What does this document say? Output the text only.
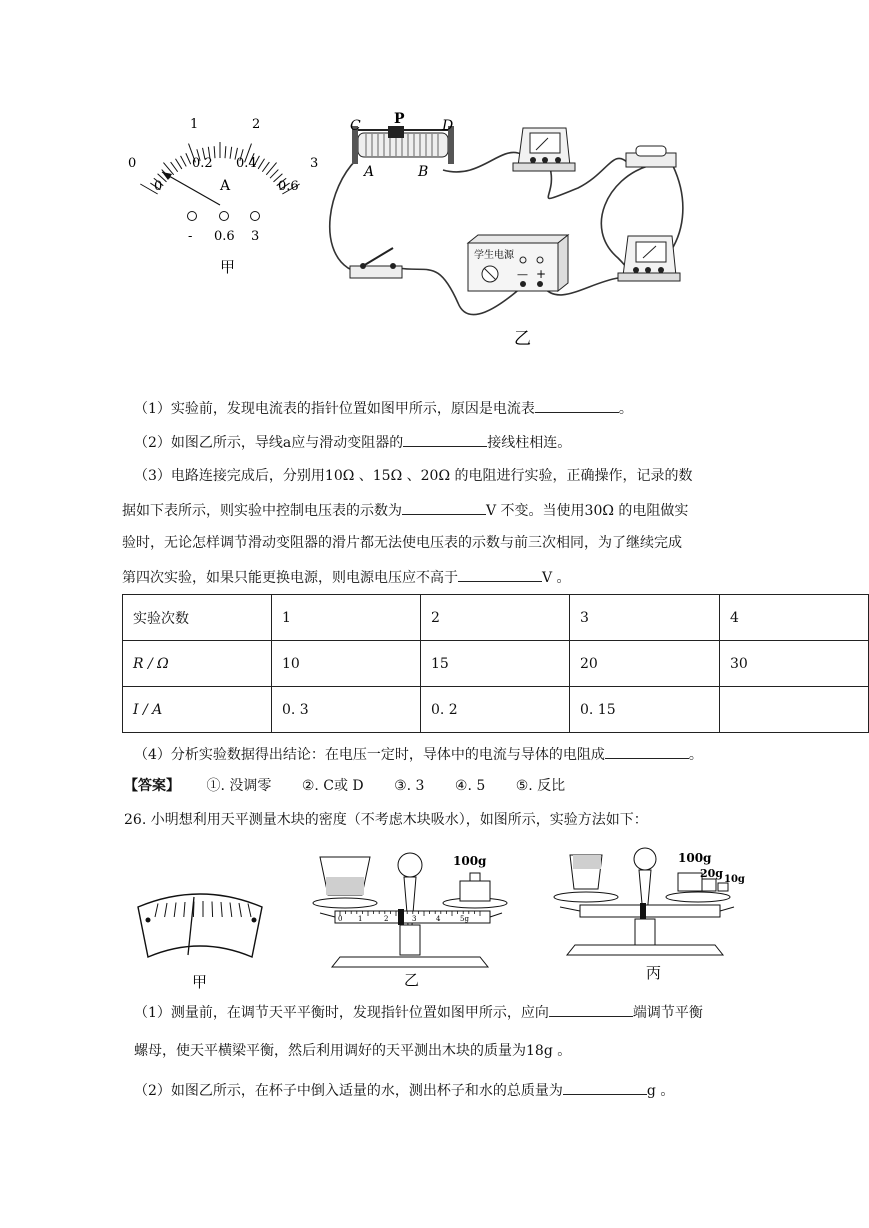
0
1	2
3
0
0.2 0.4
0.6
A
- 0.6 3
甲
C P	D
A	B
学生电源
— +
乙
（1）实验前，发现电流表的指针位置如图甲所示，原因是电流表	。
（2）如图乙所示，导线a应与滑动变阻器的	接线柱相连。
（3）电路连接完成后，分别用10Ω 、15Ω 、20Ω 的电阻进行实验，正确操作，记录的数
据如下表所示，则实验中控制电压表的示数为	V 不变。当使用30Ω 的电阻做实
验时，无论怎样调节滑动变阻器的滑片都无法使电压表的示数与前三次相同，为了继续完成
第四次实验，如果只能更换电源，则电源电压应不高于	V 。
实验次数	1	2	3	4
R / Ω	10	15	20	30
I / A	0. 3	0. 2	0. 15	
（4）分析实验数据得出结论：在电压一定时，导体中的电流与导体的电阻成	。
【答案】 ①. 没调零 ②. C或 D ③. 3 ④. 5 ⑤. 反比
26. 小明想利用天平测量木块的密度（不考虑木块吸水），如图所示，实验方法如下：
甲
100g
0 1	2	3	4	5g
乙
100g
20g 10g
丙
（1）测量前，在调节天平平衡时，发现指针位置如图甲所示，应向	端调节平衡
螺母，使天平横梁平衡，然后利用调好的天平测出木块的质量为18g 。
（2）如图乙所示，在杯子中倒入适量的水，测出杯子和水的总质量为	g 。
